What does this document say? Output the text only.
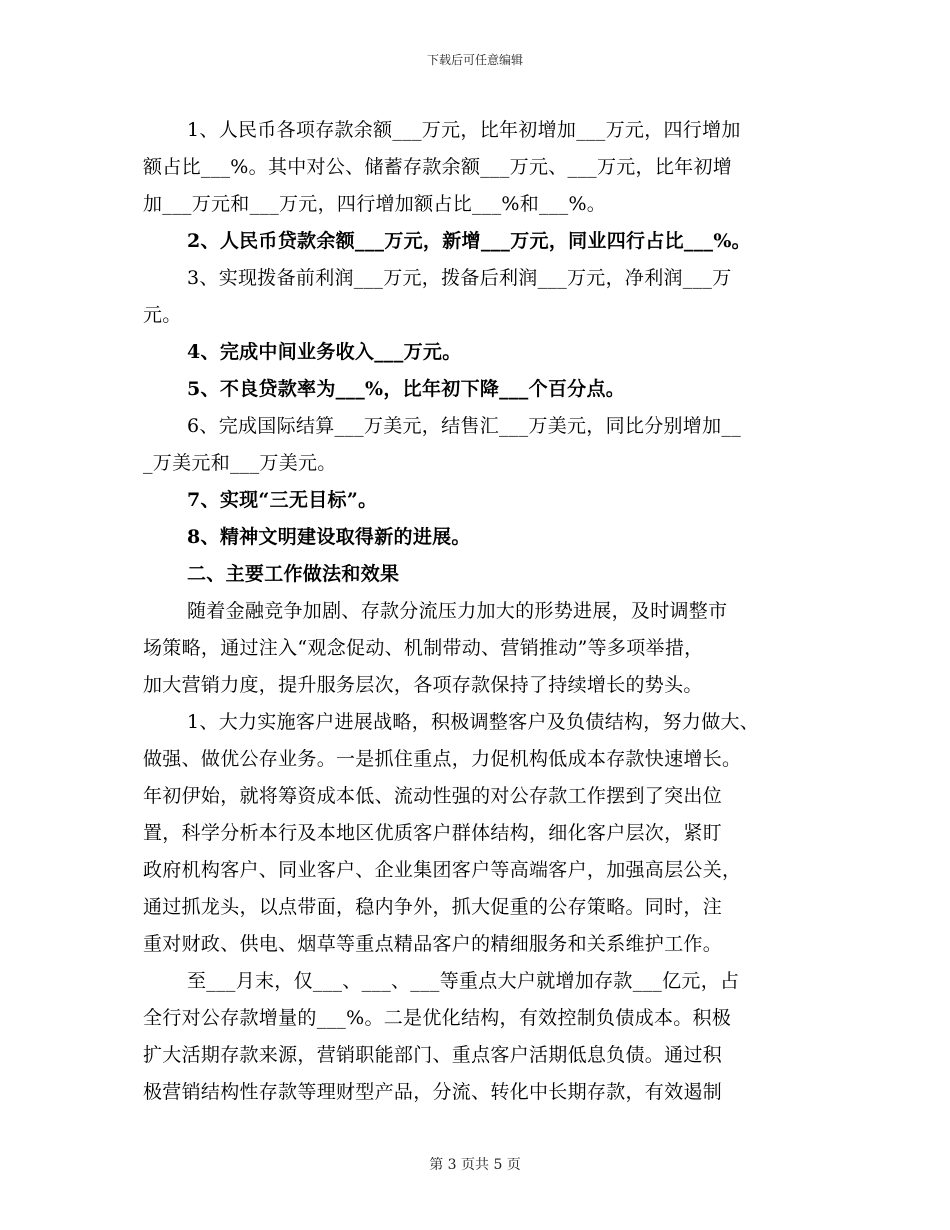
下载后可任意编辑
1、人民币各项存款余额___万元，比年初增加___万元，四行增加
额占比___%。其中对公、储蓄存款余额___万元、___万元，比年初增
加___万元和___万元，四行增加额占比___%和___%。
2、人民币贷款余额___万元，新增___万元，同业四行占比___%。
3、实现拨备前利润___万元，拨备后利润___万元，净利润___万
元。
4、完成中间业务收入___万元。
5、不良贷款率为___%，比年初下降___个百分点。
6、完成国际结算___万美元，结售汇___万美元，同比分别增加__
_万美元和___万美元。
7、实现“三无目标”。
8、精神文明建设取得新的进展。
二、主要工作做法和效果
随着金融竞争加剧、存款分流压力加大的形势进展，及时调整市
场策略，通过注入“观念促动、机制带动、营销推动”等多项举措，
加大营销力度，提升服务层次，各项存款保持了持续增长的势头。
1、大力实施客户进展战略，积极调整客户及负债结构，努力做大、
做强、做优公存业务。一是抓住重点，力促机构低成本存款快速增长。
年初伊始，就将筹资成本低、流动性强的对公存款工作摆到了突出位
置，科学分析本行及本地区优质客户群体结构，细化客户层次，紧盯
政府机构客户、同业客户、企业集团客户等高端客户，加强高层公关，
通过抓龙头，以点带面，稳内争外，抓大促重的公存策略。同时，注
重对财政、供电、烟草等重点精品客户的精细服务和关系维护工作。
至___月末，仅___、___、___等重点大户就增加存款___亿元，占
全行对公存款增量的___%。二是优化结构，有效控制负债成本。积极
扩大活期存款来源，营销职能部门、重点客户活期低息负债。通过积
极营销结构性存款等理财型产品，分流、转化中长期存款，有效遏制
第 3 页共 5 页
